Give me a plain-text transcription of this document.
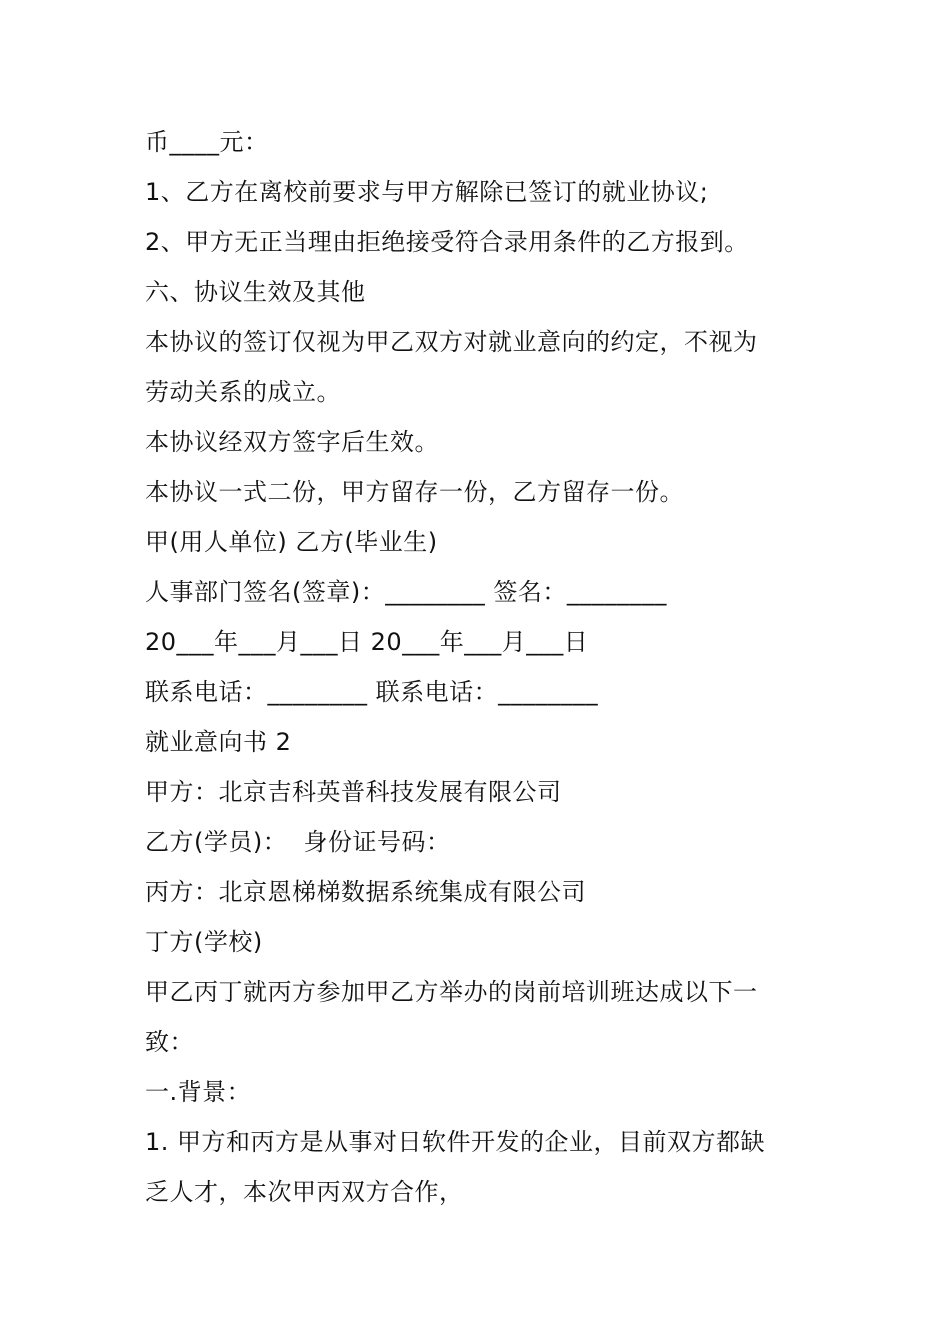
币____元：
1、乙方在离校前要求与甲方解除已签订的就业协议;
2、甲方无正当理由拒绝接受符合录用条件的乙方报到。
六、协议生效及其他
本协议的签订仅视为甲乙双方对就业意向的约定，不视为
劳动关系的成立。
本协议经双方签字后生效。
本协议一式二份，甲方留存一份，乙方留存一份。
甲(用人单位) 乙方(毕业生)
人事部门签名(签章)：________ 签名：________
20___年___月___日 20___年___月___日
联系电话：________ 联系电话：________
就业意向书 2
甲方：北京吉科英普科技发展有限公司
乙方(学员)：  身份证号码：
丙方：北京恩梯梯数据系统集成有限公司
丁方(学校)
甲乙丙丁就丙方参加甲乙方举办的岗前培训班达成以下一
致：
一.背景：
1. 甲方和丙方是从事对日软件开发的企业，目前双方都缺
乏人才，本次甲丙双方合作，
